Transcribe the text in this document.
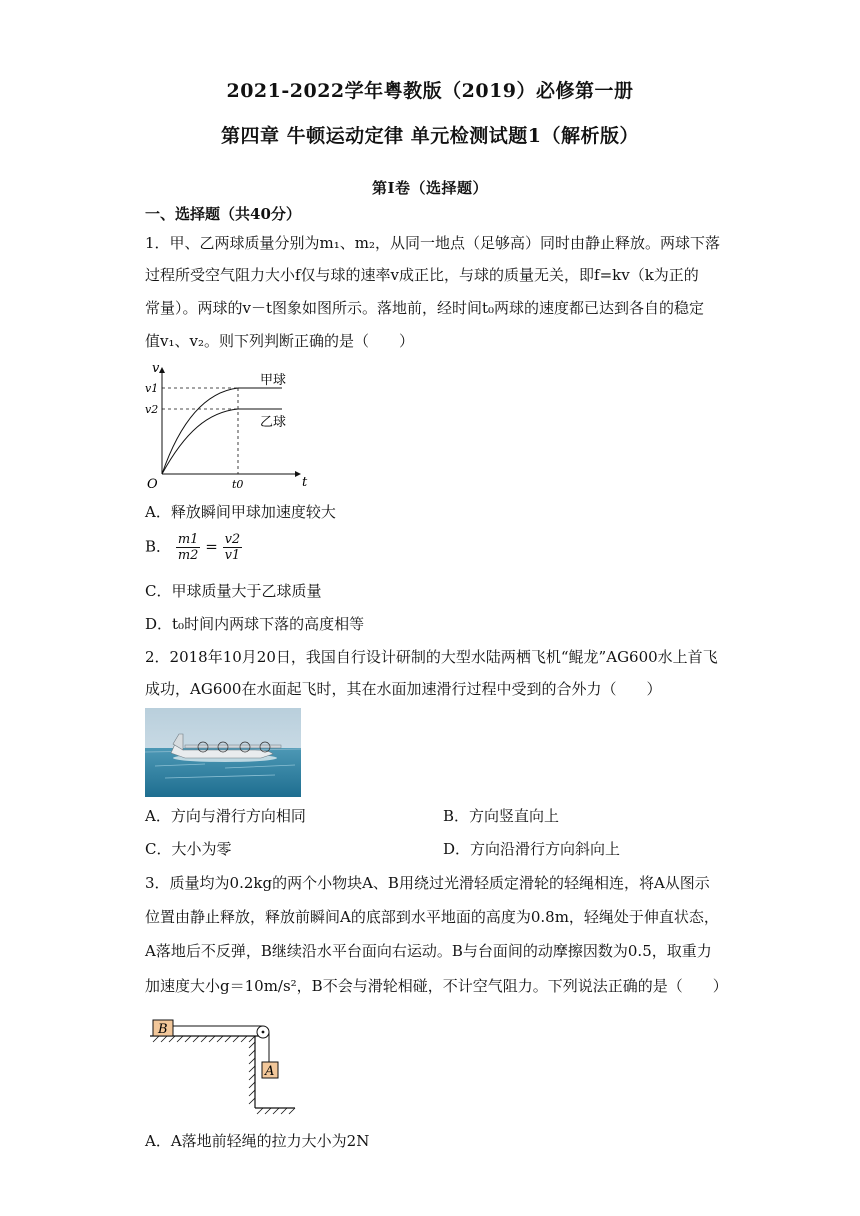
2021-2022学年粤教版（2019）必修第一册
第四章 牛顿运动定律 单元检测试题1（解析版）
第Ⅰ卷（选择题）
一、选择题（共40分）
1．甲、乙两球质量分别为m₁、m₂，从同一地点（足够高）同时由静止释放。两球下落
过程所受空气阻力大小f仅与球的速率v成正比，与球的质量无关，即f=kv（k为正的
常量）。两球的v－t图象如图所示。落地前，经时间t₀两球的速度都已达到各自的稳定
值v₁、v₂。则下列判断正确的是（　　）
v
t
O
v1
v2
t0
甲球
乙球
A．释放瞬间甲球加速度较大
B． $\frac{m1}{m2} = \frac{v2}{v1}$
C．甲球质量大于乙球质量
D．t₀时间内两球下落的高度相等
2．2018年10月20日，我国自行设计研制的大型水陆两栖飞机“鲲龙”AG600水上首飞
成功，AG600在水面起飞时，其在水面加速滑行过程中受到的合外力（　　）
A．方向与滑行方向相同	B．方向竖直向上
C．大小为零	D．方向沿滑行方向斜向上
3．质量均为0.2kg的两个小物块A、B用绕过光滑轻质定滑轮的轻绳相连，将A从图示
位置由静止释放，释放前瞬间A的底部到水平地面的高度为0.8m，轻绳处于伸直状态，
A落地后不反弹，B继续沿水平台面向右运动。B与台面间的动摩擦因数为0.5，取重力
加速度大小g＝10m/s²，B不会与滑轮相碰，不计空气阻力。下列说法正确的是（　　）
B
A
A．A落地前轻绳的拉力大小为2N
